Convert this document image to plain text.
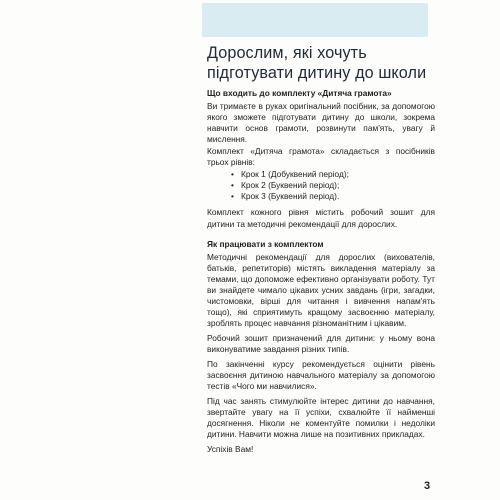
Дорослим, які хочуть підготувати дитину до школи
Що входить до комплекту «Дитяча грамота»
Ви тримаєте в руках оригінальний посібник, за допомогою якого зможете підготувати дитину до школи, зокрема навчити основ грамоти, розвинути пам'ять, увагу й мислення.
Комплект «Дитяча грамота» складається з посібників трьох рівнів:
• Крок 1 (Добуквений період);
• Крок 2 (Буквений період);
• Крок 3 (Буквений період).
Комплект кожного рівня містить робочий зошит для дитини та методичні рекомендації для дорослих.
Як працювати з комплектом
Методичні рекомендації для дорослих (вихователів, батьків, репетиторів) містять викладення матеріалу за темами, що допоможе ефективно організувати роботу. Тут ви знайдете чимало цікавих усних завдань (ігри, загадки, чистомовки, вірші для читання і вивчення напам'ять тощо), які сприятимуть кращому засвоєнню матеріалу, зроблять процес навчання різноманітним і цікавим.
Робочий зошит призначений для дитини: у ньому вона виконуватиме завдання різних типів.
По закінченні курсу рекомендується оцінити рівень засвоєння дитиною навчального матеріалу за допомогою тестів «Чого ми навчилися».
Під час занять стимулюйте інтерес дитини до навчання, звертайте увагу на її успіхи, схвалюйте її найменші досягнення. Ніколи не коментуйте помилки і недоліки дитини. Навчити можна лише на позитивних прикладах.
Успіхів Вам!
3
